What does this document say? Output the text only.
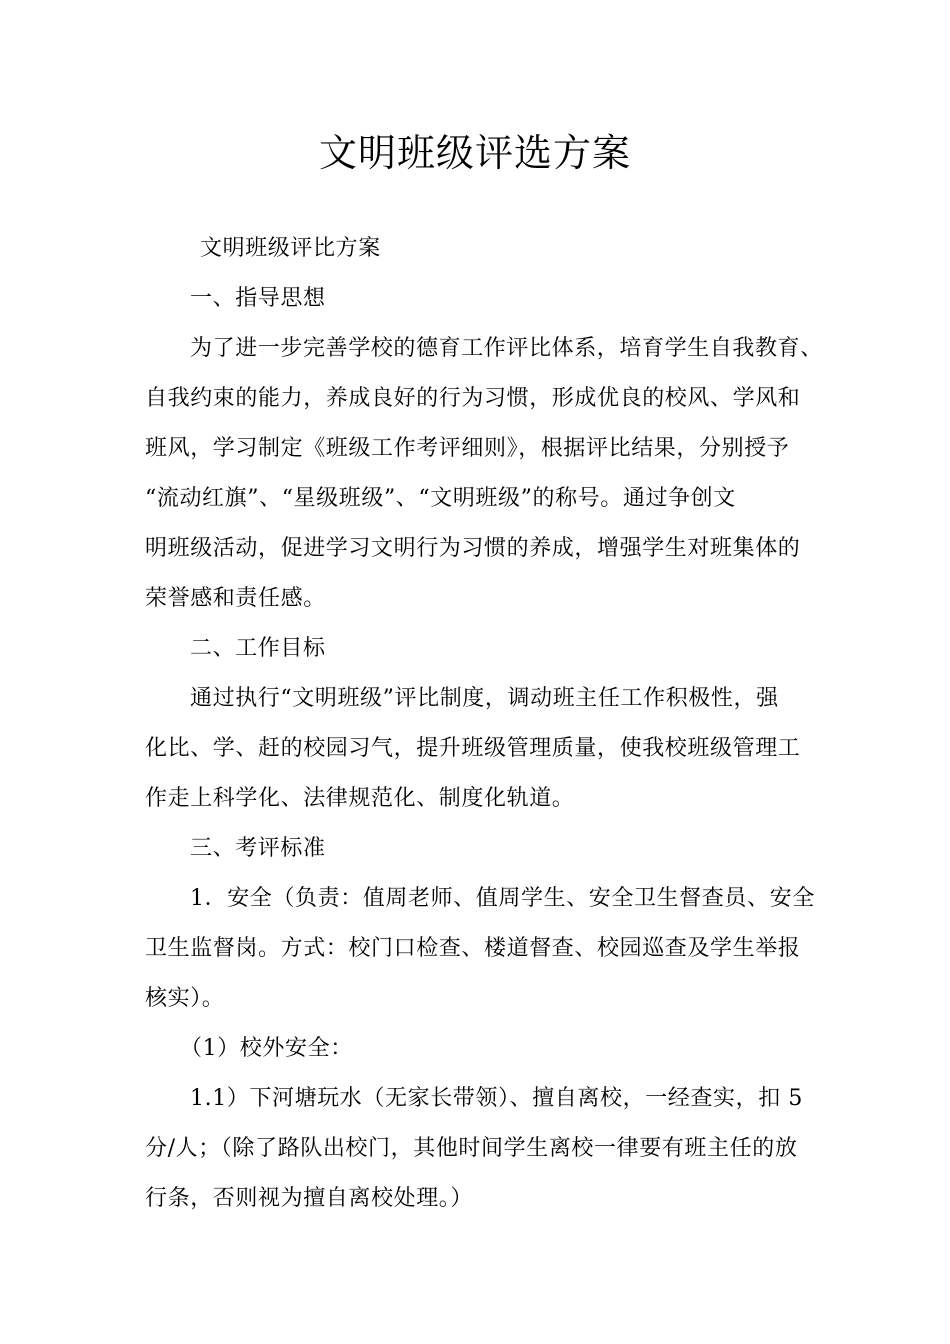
文明班级评选方案
文明班级评比方案
一、指导思想
为了进一步完善学校的德育工作评比体系，培育学生自我教育、
自我约束的能力，养成良好的行为习惯，形成优良的校风、学风和
班风，学习制定《班级工作考评细则》，根据评比结果，分别授予
“流动红旗”、“星级班级”、“文明班级”的称号。通过争创文
明班级活动，促进学习文明行为习惯的养成，增强学生对班集体的
荣誉感和责任感。
二、工作目标
通过执行“文明班级”评比制度，调动班主任工作积极性，强
化比、学、赶的校园习气，提升班级管理质量，使我校班级管理工
作走上科学化、法律规范化、制度化轨道。
三、考评标准
1．安全（负责：值周老师、值周学生、安全卫生督查员、安全
卫生监督岗。方式：校门口检查、楼道督查、校园巡查及学生举报
核实）。
（1）校外安全：
1.1）下河塘玩水（无家长带领）、擅自离校，一经查实，扣 5
分/人；（除了路队出校门，其他时间学生离校一律要有班主任的放
行条，否则视为擅自离校处理。）
